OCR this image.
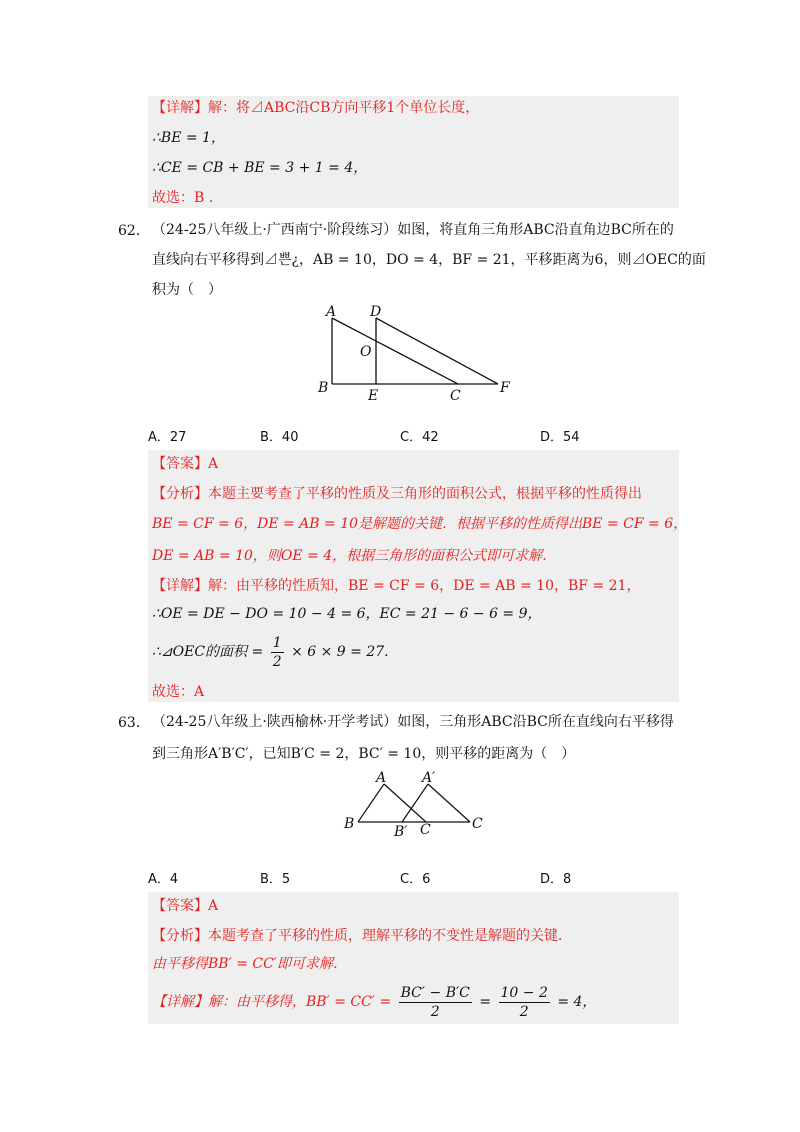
【详解】解：将⊿ABC沿CB方向平移1个单位长度，
∴BE = 1，
∴CE = CB + BE = 3 + 1 = 4，
故选：B .
62． （24-25八年级上·广西南宁·阶段练习）如图，将直角三角形ABC沿直角边BC所在的
直线向右平移得到⊿쁜¿，AB = 10，DO = 4，BF = 21，平移距离为6，则⊿OEC的面
积为（　）
A D
O
B	E	C	F
A．27	B．40	C．42	D．54
【答案】A
【分析】本题主要考查了平移的性质及三角形的面积公式，根据平移的性质得出
BE = CF = 6，DE = AB = 10是解题的关键．根据平移的性质得出BE = CF = 6，
DE = AB = 10，则OE = 4，根据三角形的面积公式即可求解．
【详解】解：由平移的性质知，BE = CF = 6，DE = AB = 10，BF = 21，
∴OE = DE − DO = 10 − 4 = 6，EC = 21 − 6 − 6 = 9，
∴⊿OEC的面积 = $\frac{1}{2} \times 6 \times 9 = 27$.
故选：A
63． （24-25八年级上·陕西榆林·开学考试）如图，三角形ABC沿BC所在直线向右平移得
到三角形A′B′C′，已知B′C = 2，BC′ = 10，则平移的距离为（　）
A	A′
B	B′ C	C
A．4	B．5	C．6	D．8
【答案】A
【分析】本题考查了平移的性质，理解平移的不变性是解题的关键．
由平移得BB′ = CC′即可求解．
【详解】解：由平移得，$BB' = CC' = \frac{BC' - B'C}{2} = \frac{10 - 2}{2} = 4$，
